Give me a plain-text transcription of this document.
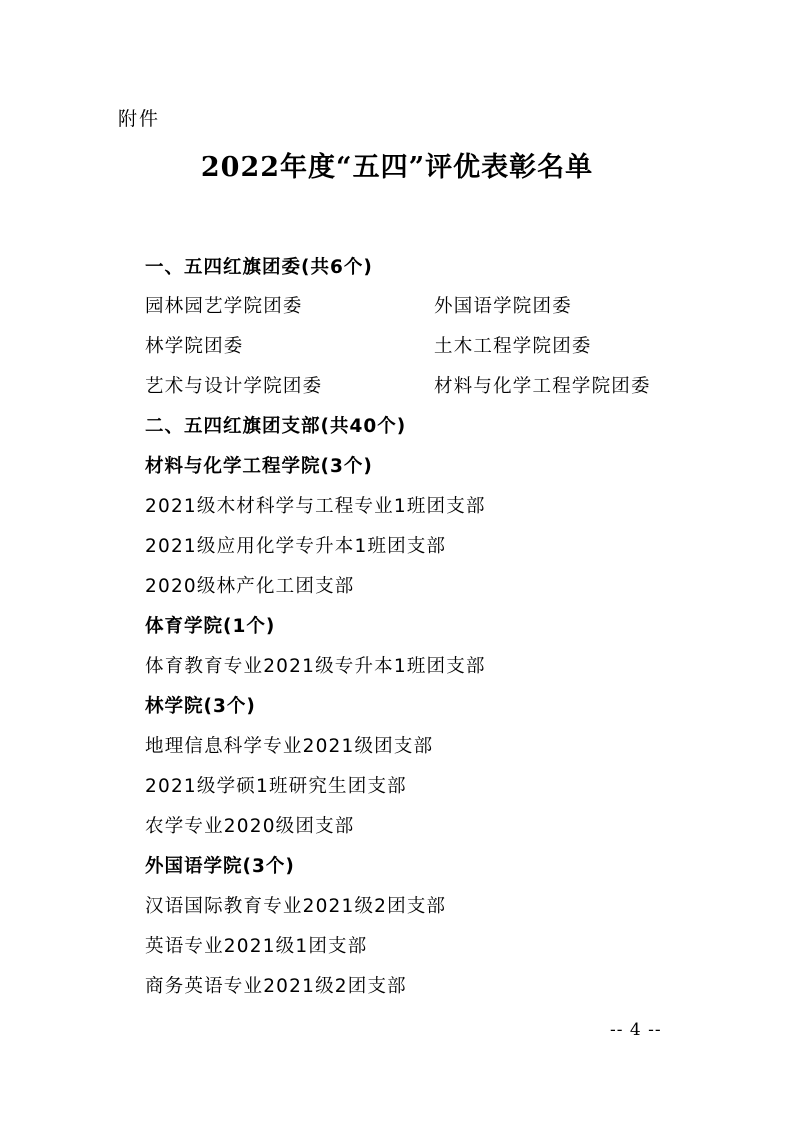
附件
2022年度“五四”评优表彰名单
一、五四红旗团委(共6个)
园林园艺学院团委	外国语学院团委
林学院团委	土木工程学院团委
艺术与设计学院团委	材料与化学工程学院团委
二、五四红旗团支部(共40个)
材料与化学工程学院(3个)
2021级木材科学与工程专业1班团支部
2021级应用化学专升本1班团支部
2020级林产化工团支部
体育学院(1个)
体育教育专业2021级专升本1班团支部
林学院(3个)
地理信息科学专业2021级团支部
2021级学硕1班研究生团支部
农学专业2020级团支部
外国语学院(3个)
汉语国际教育专业2021级2团支部
英语专业2021级1团支部
商务英语专业2021级2团支部
-- 4 --
